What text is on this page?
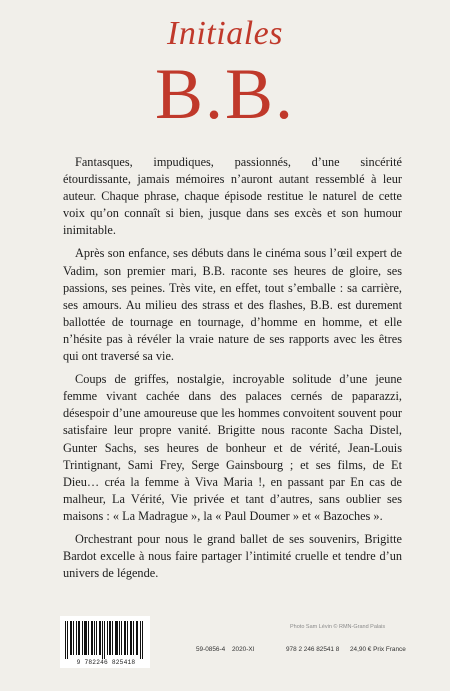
Initiales
B.B.

Fantasques, impudiques, passionnés, d’une sincérité étourdissante, jamais mémoires n’auront autant ressemblé à leur auteur. Chaque phrase, chaque épisode restitue le naturel de cette voix qu’on connaît si bien, jusque dans ses excès et son humour inimitable.

Après son enfance, ses débuts dans le cinéma sous l’œil expert de Vadim, son premier mari, B.B. raconte ses heures de gloire, ses passions, ses peines. Très vite, en effet, tout s’emballe : sa carrière, ses amours. Au milieu des strass et des flashes, B.B. est durement ballottée de tournage en tournage, d’homme en homme, et elle n’hésite pas à révéler la vraie nature de ses rapports avec les êtres qui ont traversé sa vie.

Coups de griffes, nostalgie, incroyable solitude d’une jeune femme vivant cachée dans des palaces cernés de paparazzi, désespoir d’une amoureuse que les hommes convoitent souvent pour satisfaire leur propre vanité. Brigitte nous raconte Sacha Distel, Gunter Sachs, ses heures de bonheur et de vérité, Jean-Louis Trintignant, Sami Frey, Serge Gainsbourg ; et ses films, de Et Dieu… créa la femme à Viva Maria !, en passant par En cas de malheur, La Vérité, Vie privée et tant d’autres, sans oublier ses maisons : « La Madrague », la « Paul Doumer » et « Bazoches ».

Orchestrant pour nous le grand ballet de ses souvenirs, Brigitte Bardot excelle à nous faire partager l’intimité cruelle et tendre d’un univers de légende.

Photo Sam Lévin © RMN-Grand Palais
9 782246 825418
59-0856-4 2020-XI	978 2 246 82541 8 24,90 € Prix France
